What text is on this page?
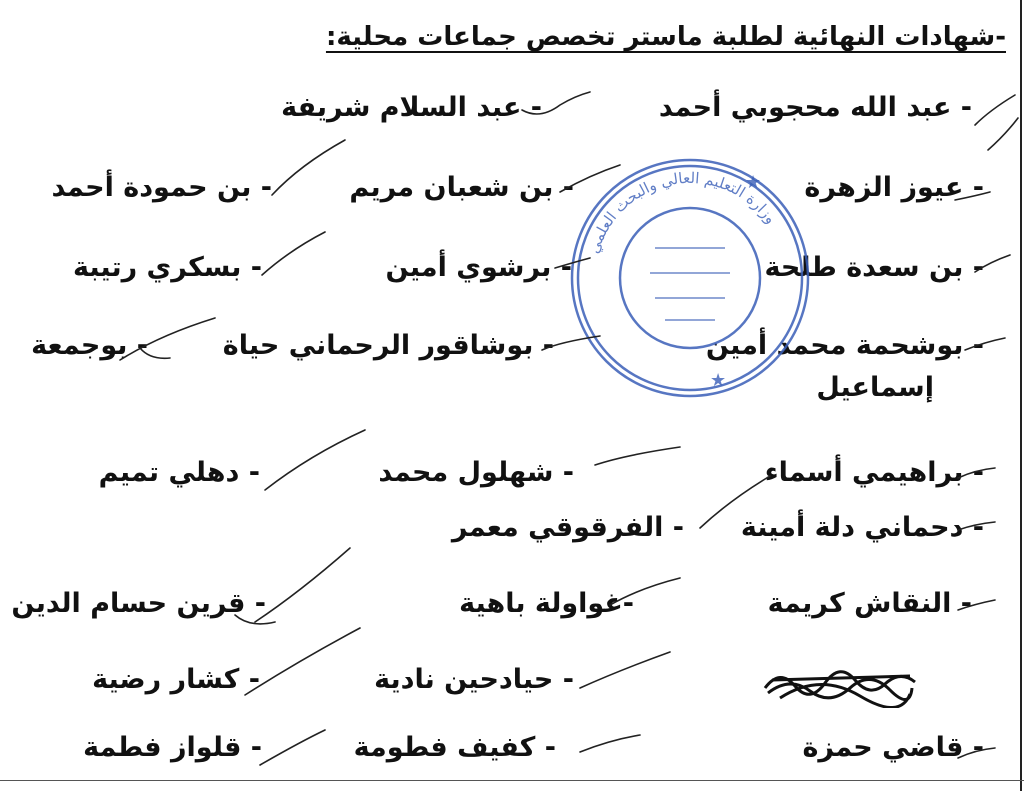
-شهادات النهائية لطلبة ماستر تخصص جماعات محلية:
- عبد الله محجوبي أحمد
- عبد السلام شريفة
- عيوز الزهرة
- بن شعبان مريم
- بن حمودة أحمد
- بن سعدة طلحة
- برشوي أمين
- بسكري رتيبة
- بوشحمة محمد أمين
- بوشاقور الرحماني حياة
- بوجمعة
إسماعيل
- براهيمي أسماء
- شهلول محمد
- دهلي تميم
- دحماني دلة أمينة
- الفرقوقي معمر
- النقاش كريمة
-غواولة باهية
- قرين حسام الدين
- حيادحين نادية
- كشار رضية
- قاضي حمزة
- كفيف فطومة
- قلواز فطمة
وزارة التعليم العالي والبحث العلمي
★
★
